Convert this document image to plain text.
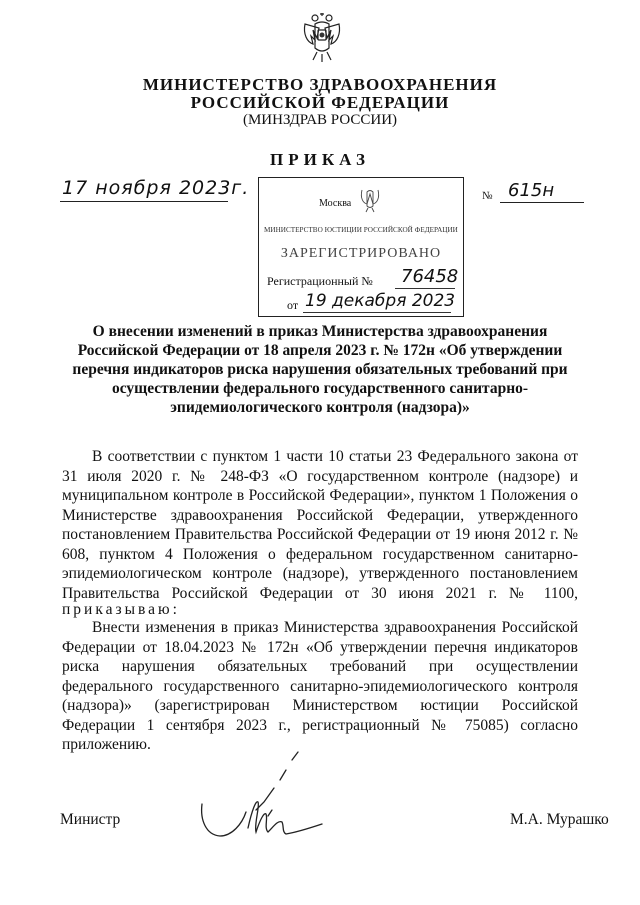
МИНИСТЕРСТВО ЗДРАВООХРАНЕНИЯ
РОССИЙСКОЙ ФЕДЕРАЦИИ
(МИНЗДРАВ РОССИИ)
ПРИКАЗ
17 ноября 2023г.	№ 615н
Москва
МИНИСТЕРСТВО ЮСТИЦИИ РОССИЙСКОЙ ФЕДЕРАЦИИ
ЗАРЕГИСТРИРОВАНО
Регистрационный № 76458
от 19 декабря 2023
О внесении изменений в приказ Министерства здравоохранения Российской Федерации от 18 апреля 2023 г. № 172н «Об утверждении перечня индикаторов риска нарушения обязательных требований при осуществлении федерального государственного санитарно-эпидемиологического контроля (надзора)»
В соответствии с пунктом 1 части 10 статьи 23 Федерального закона от 31 июля 2020 г. № 248-ФЗ «О государственном контроле (надзоре) и муниципальном контроле в Российской Федерации», пунктом 1 Положения о Министерстве здравоохранения Российской Федерации, утвержденного постановлением Правительства Российской Федерации от 19 июня 2012 г. № 608, пунктом 4 Положения о федеральном государственном санитарно-эпидемиологическом контроле (надзоре), утвержденного постановлением Правительства Российской Федерации от 30 июня 2021 г. № 1100,
приказываю:
Внести изменения в приказ Министерства здравоохранения Российской Федерации от 18.04.2023 № 172н «Об утверждении перечня индикаторов риска нарушения обязательных требований при осуществлении федерального государственного санитарно-эпидемиологического контроля (надзора)» (зарегистрирован Министерством юстиции Российской Федерации 1 сентября 2023 г., регистрационный № 75085) согласно приложению.
Министр	М.А. Мурашко
